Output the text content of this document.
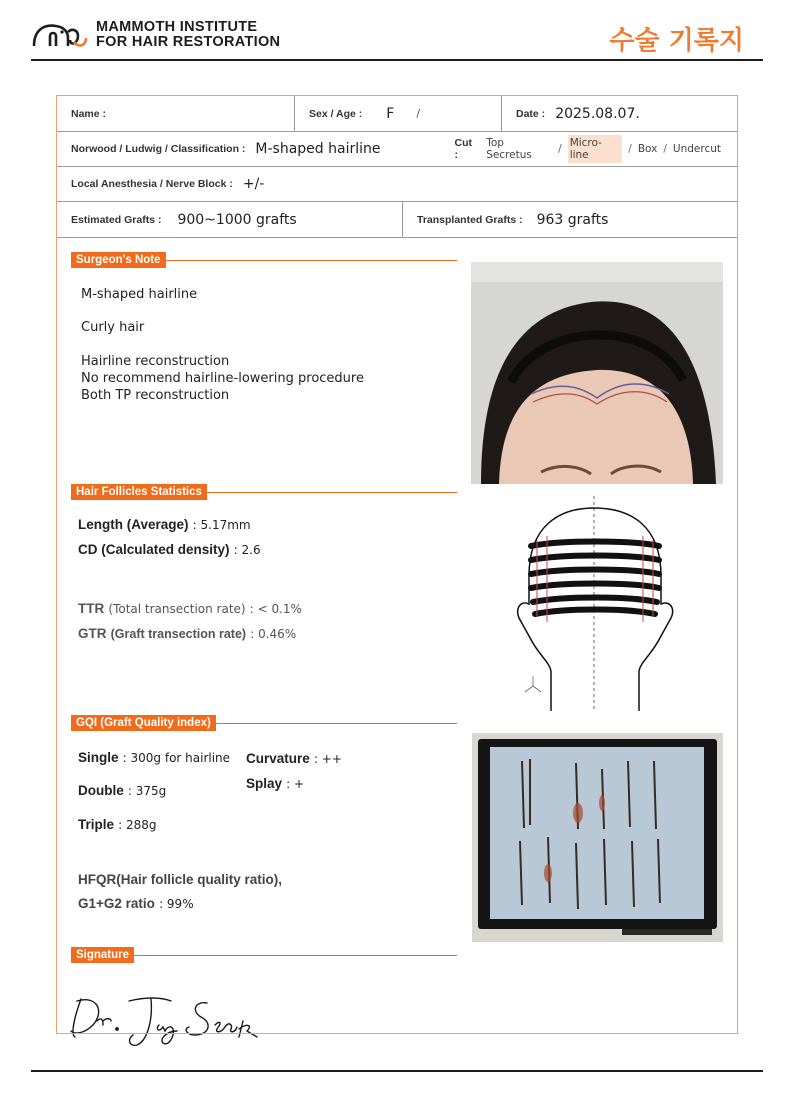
MAMMOTH INSTITUTE
FOR HAIR RESTORATION	수술 기록지
Name :	Sex / Age : F /	Date : 2025.08.07.
Norwood / Ludwig / Classification : M-shaped hairline	Cut :
Top Secretus	/ Micro-line	/ Box / Undercut
Local Anesthesia / Nerve Block : +/-
Estimated Grafts : 900~1000 grafts	Transplanted Grafts : 963 grafts
Surgeon's Note
M-shaped hairline
Curly hair
Hairline reconstruction
No recommend hairline-lowering procedure
Both TP reconstruction
Hair Follicles Statistics
Length (Average) : 5.17mm
CD (Calculated density) : 2.6
TTR (Total transection rate) : < 0.1%
GTR (Graft transection rate) : 0.46%
GQI (Graft Quality index)
Single : 300g for hairline Curvature : ++
Splay : +
Double : 375g
Triple : 288g
HFQR(Hair follicle quality ratio),
G1+G2 ratio : 99%
Signature
